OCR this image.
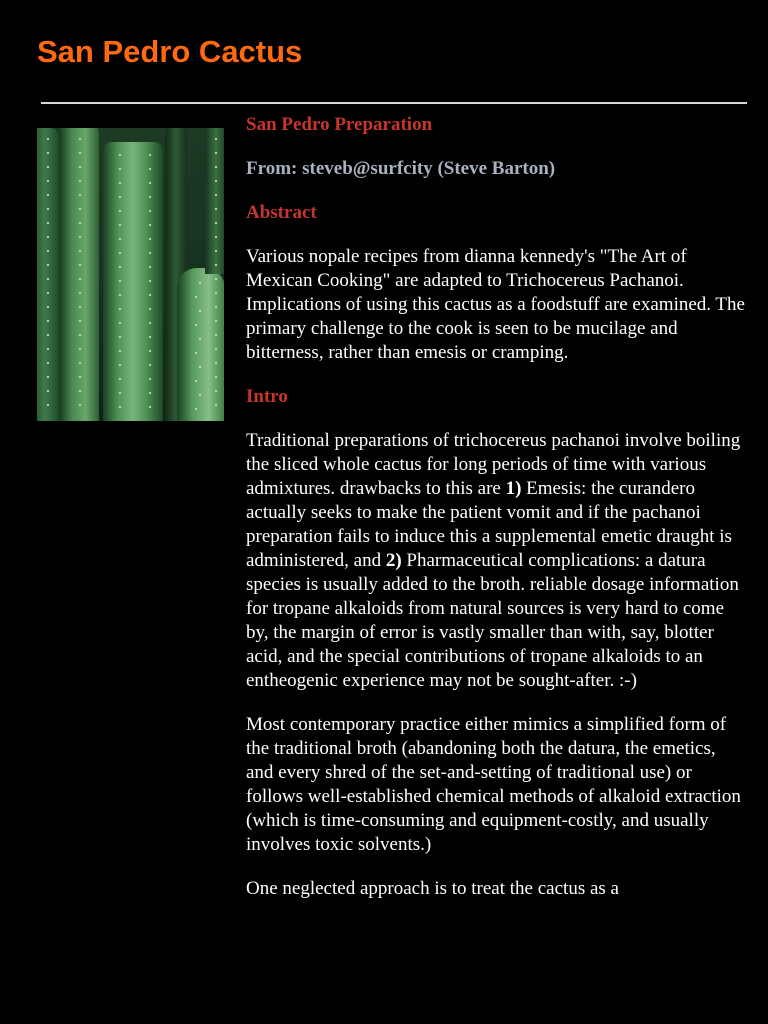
San Pedro Cactus

San Pedro Preparation

From: steveb@surfcity (Steve Barton)

Abstract

Various nopale recipes from dianna kennedy's "The Art of Mexican Cooking" are adapted to Trichocereus Pachanoi. Implications of using this cactus as a foodstuff are examined. The primary challenge to the cook is seen to be mucilage and bitterness, rather than emesis or cramping.

Intro

Traditional preparations of trichocereus pachanoi involve boiling the sliced whole cactus for long periods of time with various admixtures. drawbacks to this are 1) Emesis: the curandero actually seeks to make the patient vomit and if the pachanoi preparation fails to induce this a supplemental emetic draught is administered, and 2) Pharmaceutical complications: a datura species is usually added to the broth. reliable dosage information for tropane alkaloids from natural sources is very hard to come by, the margin of error is vastly smaller than with, say, blotter acid, and the special contributions of tropane alkaloids to an entheogenic experience may not be sought-after. :-)

Most contemporary practice either mimics a simplified form of the traditional broth (abandoning both the datura, the emetics, and every shred of the set-and-setting of traditional use) or follows well-established chemical methods of alkaloid extraction (which is time-consuming and equipment-costly, and usually involves toxic solvents.)

One neglected approach is to treat the cactus as a
